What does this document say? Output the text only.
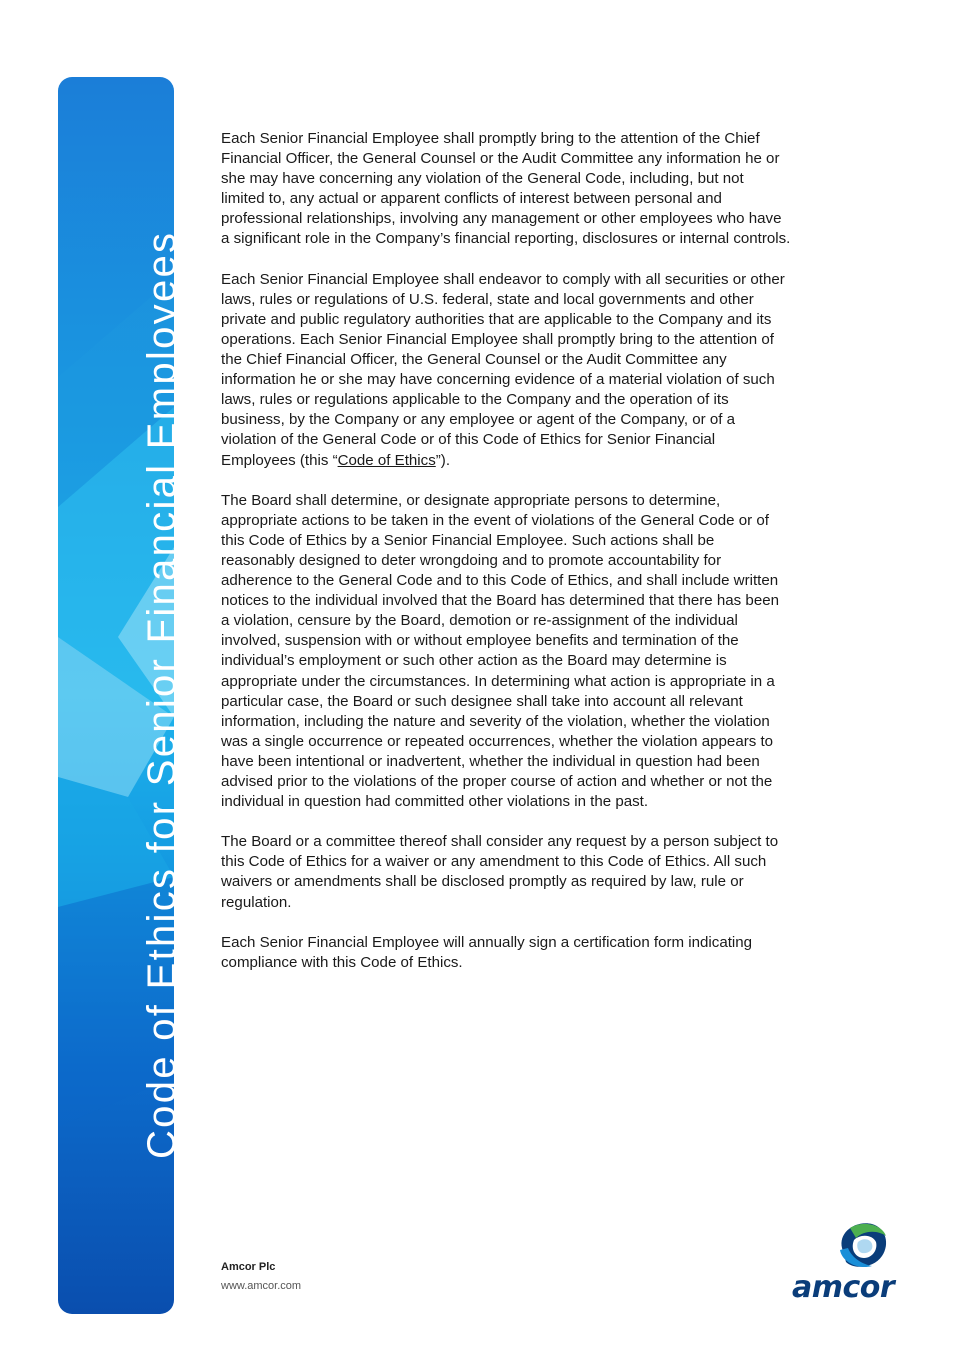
Code of Ethics for Senior Financial Employees

Each Senior Financial Employee shall promptly bring to the attention of the Chief Financial Officer, the General Counsel or the Audit Committee any information he or she may have concerning any violation of the General Code, including, but not limited to, any actual or apparent conflicts of interest between personal and professional relationships, involving any management or other employees who have a significant role in the Company’s financial reporting, disclosures or internal controls.

Each Senior Financial Employee shall endeavor to comply with all securities or other laws, rules or regulations of U.S. federal, state and local governments and other private and public regulatory authorities that are applicable to the Company and its operations. Each Senior Financial Employee shall promptly bring to the attention of the Chief Financial Officer, the General Counsel or the Audit Committee any information he or she may have concerning evidence of a material violation of such laws, rules or regulations applicable to the Company and the operation of its business, by the Company or any employee or agent of the Company, or of a violation of the General Code or of this Code of Ethics for Senior Financial Employees (this “Code of Ethics”).

The Board shall determine, or designate appropriate persons to determine, appropriate actions to be taken in the event of violations of the General Code or of this Code of Ethics by a Senior Financial Employee. Such actions shall be reasonably designed to deter wrongdoing and to promote accountability for adherence to the General Code and to this Code of Ethics, and shall include written notices to the individual involved that the Board has determined that there has been a violation, censure by the Board, demotion or re-assignment of the individual involved, suspension with or without employee benefits and termination of the individual’s employment or such other action as the Board may determine is appropriate under the circumstances. In determining what action is appropriate in a particular case, the Board or such designee shall take into account all relevant information, including the nature and severity of the violation, whether the violation was a single occurrence or repeated occurrences, whether the violation appears to have been intentional or inadvertent, whether the individual in question had been advised prior to the violations of the proper course of action and whether or not the individual in question had committed other violations in the past.

The Board or a committee thereof shall consider any request by a person subject to this Code of Ethics for a waiver or any amendment to this Code of Ethics. All such waivers or amendments shall be disclosed promptly as required by law, rule or regulation.

Each Senior Financial Employee will annually sign a certification form indicating compliance with this Code of Ethics.

Amcor Plc
www.amcor.com	amcor
